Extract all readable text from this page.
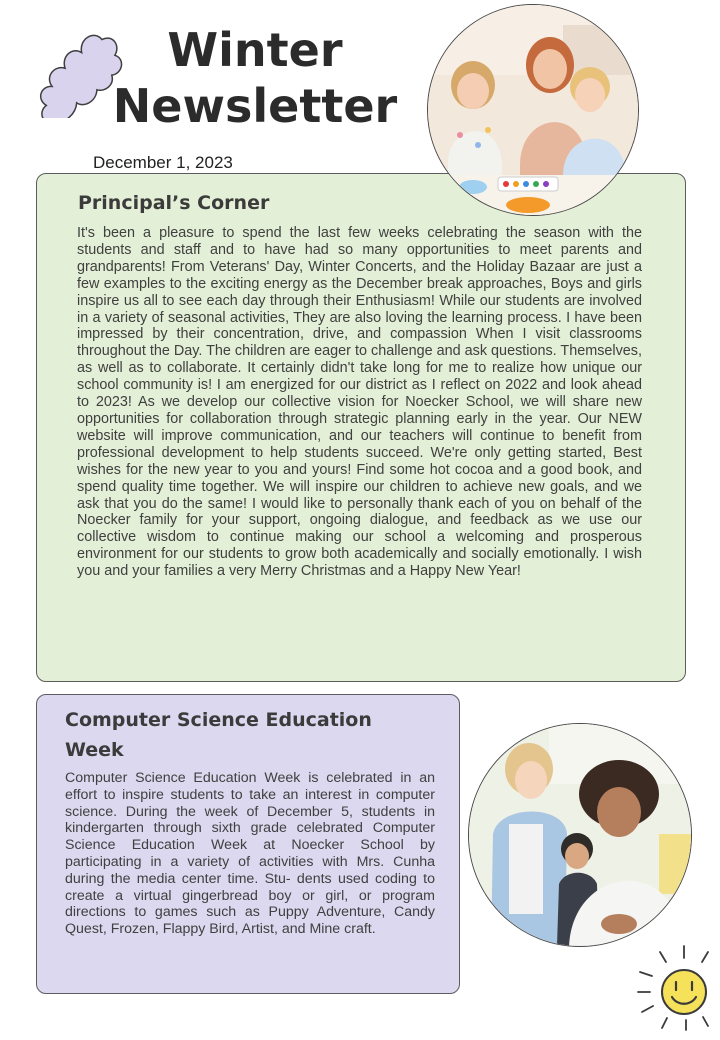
Winter
Newsletter
December 1, 2023
Principal’s Corner

It's been a pleasure to spend the last few weeks celebrating the season with the students and staff and to have had so many opportunities to meet parents and grandparents! From Veterans' Day, Winter Concerts, and the Holiday Bazaar are just a few examples to the exciting energy as the December break approaches, Boys and girls inspire us all to see each day through their Enthusiasm! While our students are involved in a variety of seasonal activities, They are also loving the learning process. I have been impressed by their concentration, drive, and compassion When I visit classrooms throughout the Day. The children are eager to challenge and ask questions. Themselves, as well as to collaborate. It certainly didn't take long for me to realize how unique our school community is! I am energized for our district as I reflect on 2022 and look ahead to 2023! As we develop our collective vision for Noecker School, we will share new opportunities for collaboration through strategic planning early in the year. Our NEW website will improve communication, and our teachers will continue to benefit from professional development to help students succeed. We're only getting started, Best wishes for the new year to you and yours! Find some hot cocoa and a good book, and spend quality time together. We will inspire our children to achieve new goals, and we ask that you do the same! I would like to personally thank each of you on behalf of the Noecker family for your support, ongoing dialogue, and feedback as we use our collective wisdom to continue making our school a welcoming and prosperous environment for our students to grow both academically and socially emotionally. I wish you and your families a very Merry Christmas and a Happy New Year!

Computer Science Education
Week

Computer Science Education Week is celebrated in an effort to inspire students to take an interest in computer science. During the week of December 5, students in kindergarten through sixth grade celebrated Computer Science Education Week at Noecker School by participating in a variety of activities with Mrs. Cunha during the media center time. Stu- dents used coding to create a virtual gingerbread boy or girl, or program directions to games such as Puppy Adventure, Candy Quest, Frozen, Flappy Bird, Artist, and Mine craft.
